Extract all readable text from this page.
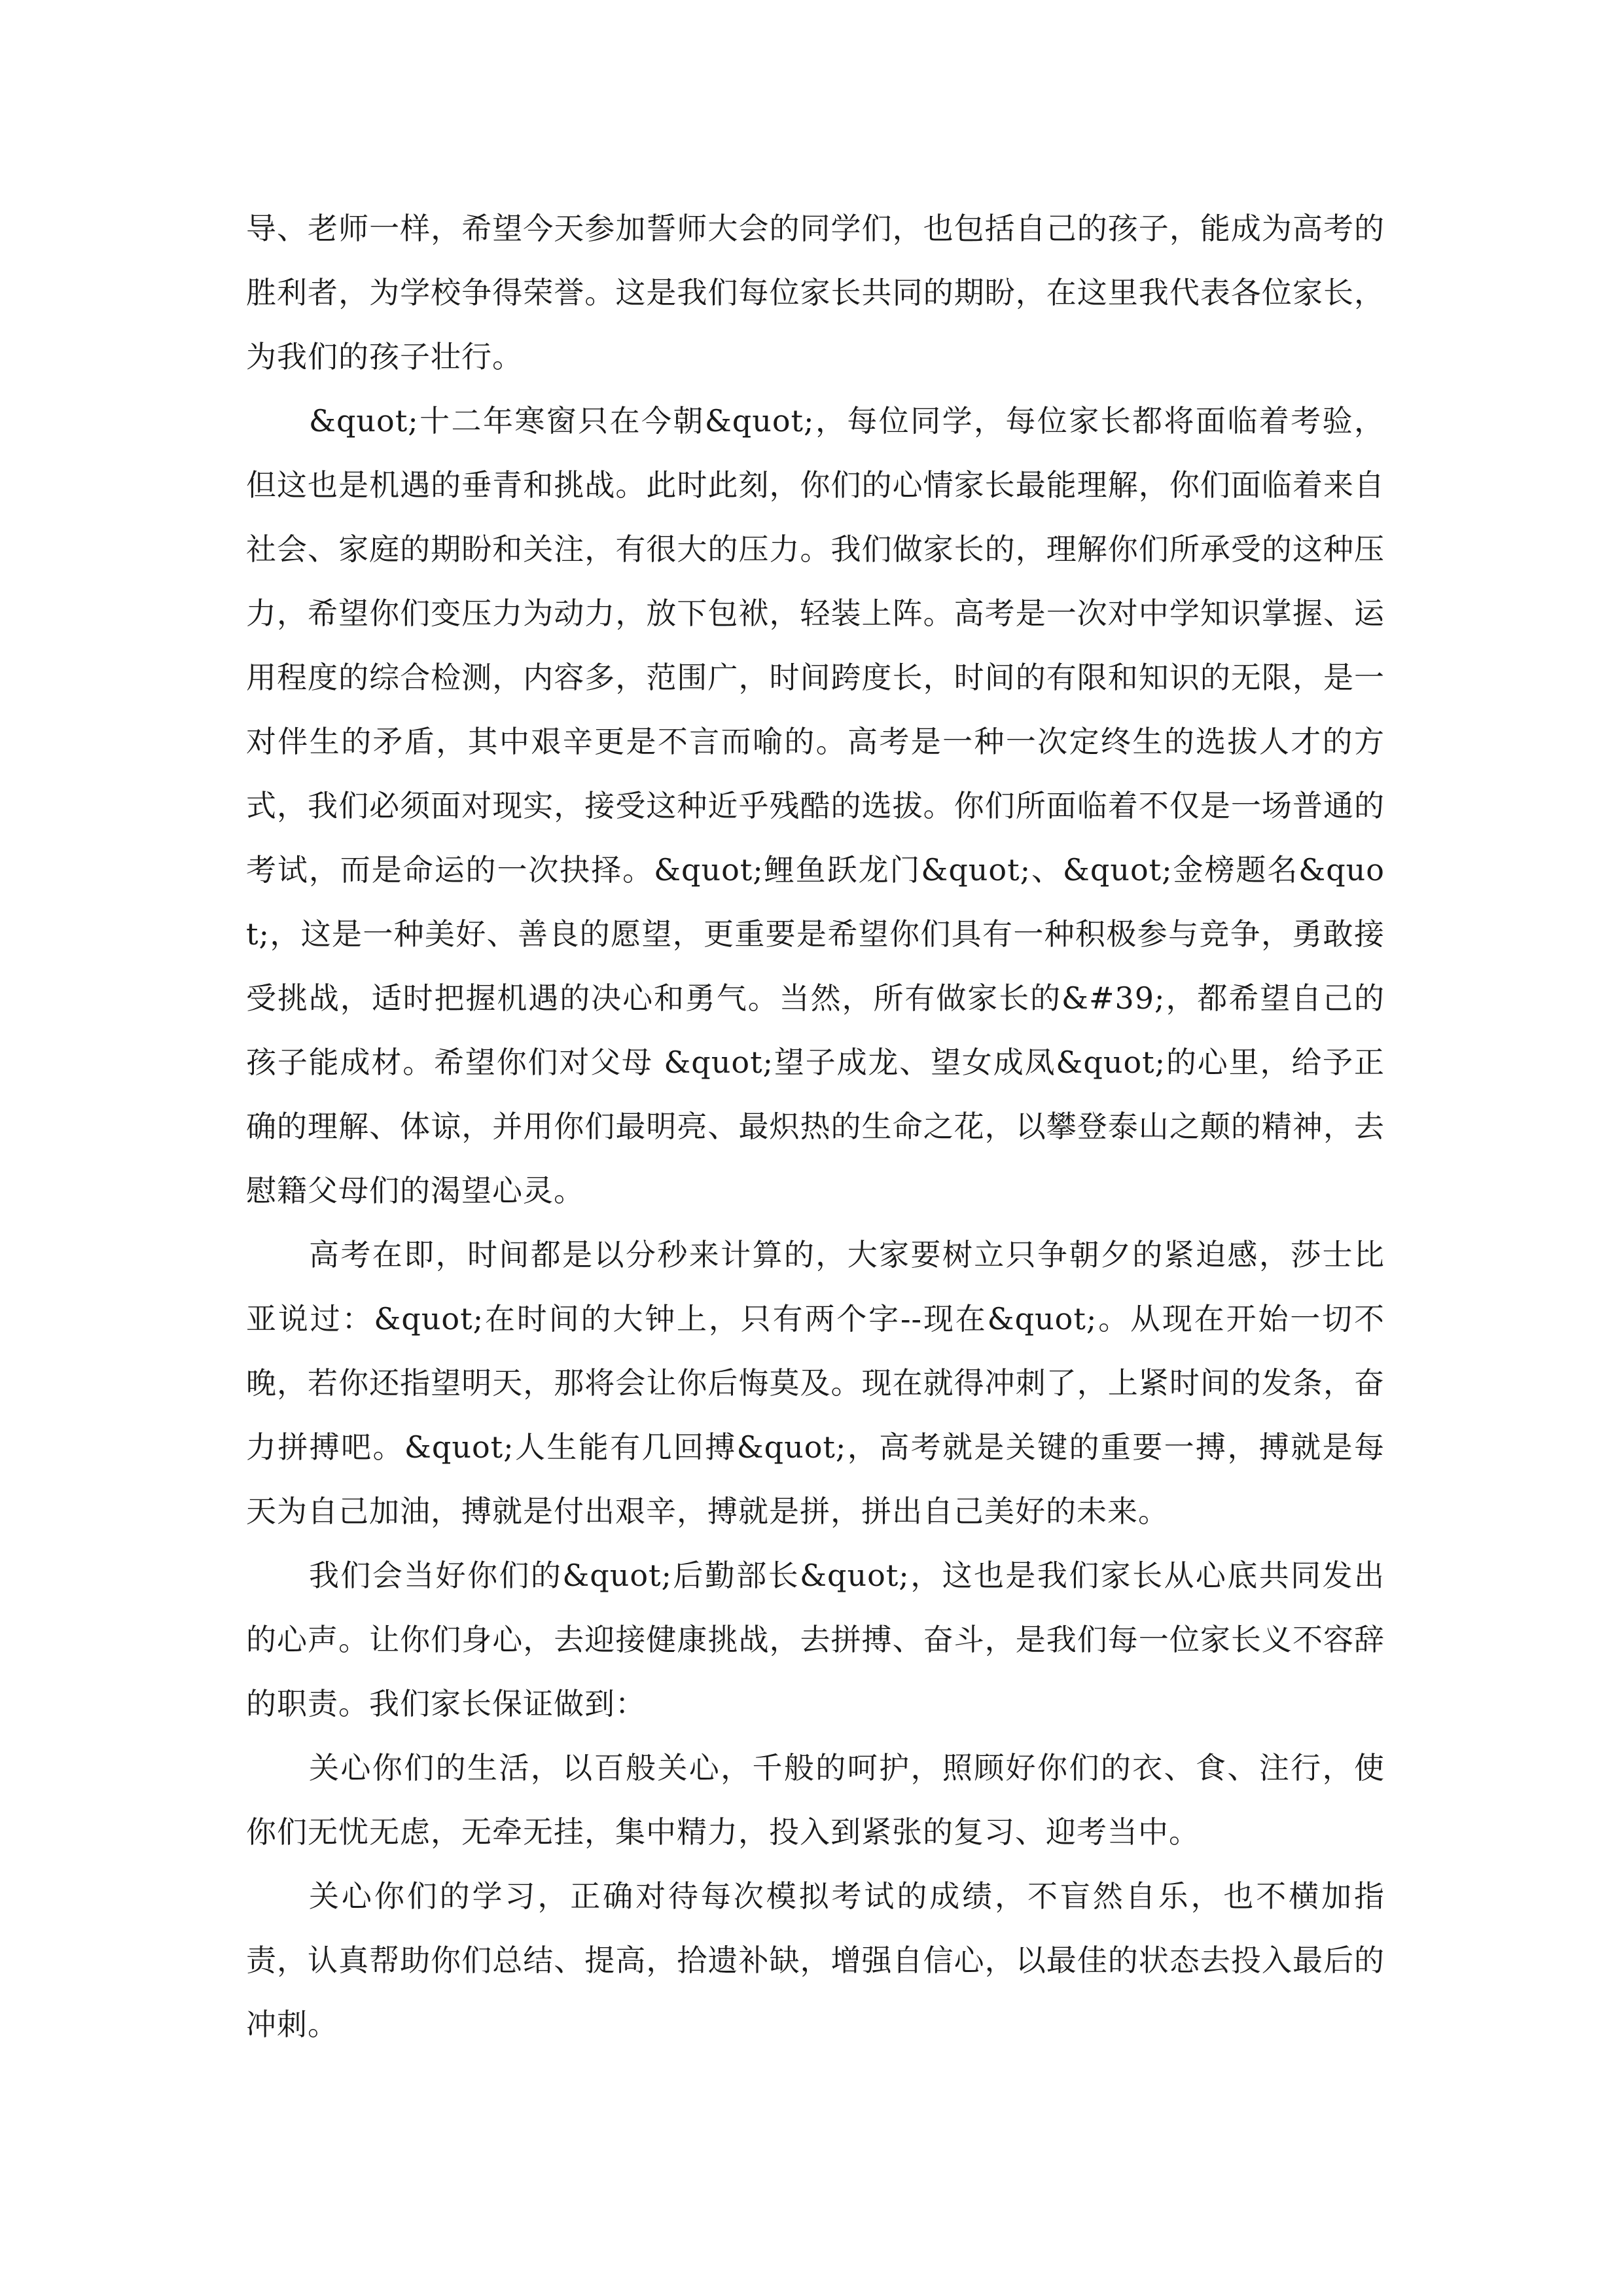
导、老师一样，希望今天参加誓师大会的同学们，也包括自己的孩子，能成为高考的胜利者，为学校争得荣誉。这是我们每位家长共同的期盼，在这里我代表各位家长，为我们的孩子壮行。

&quot;十二年寒窗只在今朝&quot;，每位同学，每位家长都将面临着考验，但这也是机遇的垂青和挑战。此时此刻，你们的心情家长最能理解，你们面临着来自社会、家庭的期盼和关注，有很大的压力。我们做家长的，理解你们所承受的这种压力，希望你们变压力为动力，放下包袱，轻装上阵。高考是一次对中学知识掌握、运用程度的综合检测，内容多，范围广，时间跨度长，时间的有限和知识的无限，是一对伴生的矛盾，其中艰辛更是不言而喻的。高考是一种一次定终生的选拔人才的方式，我们必须面对现实，接受这种近乎残酷的选拔。你们所面临着不仅是一场普通的考试，而是命运的一次抉择。&quot;鲤鱼跃龙门&quot;、&quot;金榜题名&quot;，这是一种美好、善良的愿望，更重要是希望你们具有一种积极参与竞争，勇敢接受挑战，适时把握机遇的决心和勇气。当然，所有做家长的&#39;，都希望自己的孩子能成材。希望你们对父母 &quot;望子成龙、望女成凤&quot;的心里，给予正确的理解、体谅，并用你们最明亮、最炽热的生命之花，以攀登泰山之颠的精神，去慰籍父母们的渴望心灵。

高考在即，时间都是以分秒来计算的，大家要树立只争朝夕的紧迫感，莎士比亚说过：&quot;在时间的大钟上，只有两个字--现在&quot;。从现在开始一切不晚，若你还指望明天，那将会让你后悔莫及。现在就得冲刺了，上紧时间的发条，奋力拼搏吧。&quot;人生能有几回搏&quot;，高考就是关键的重要一搏，搏就是每天为自己加油，搏就是付出艰辛，搏就是拼，拼出自己美好的未来。

我们会当好你们的&quot;后勤部长&quot;，这也是我们家长从心底共同发出的心声。让你们身心，去迎接健康挑战，去拼搏、奋斗，是我们每一位家长义不容辞的职责。我们家长保证做到：

关心你们的生活，以百般关心，千般的呵护，照顾好你们的衣、食、注行，使你们无忧无虑，无牵无挂，集中精力，投入到紧张的复习、迎考当中。

关心你们的学习，正确对待每次模拟考试的成绩，不盲然自乐，也不横加指责，认真帮助你们总结、提高，拾遗补缺，增强自信心，以最佳的状态去投入最后的冲刺。
